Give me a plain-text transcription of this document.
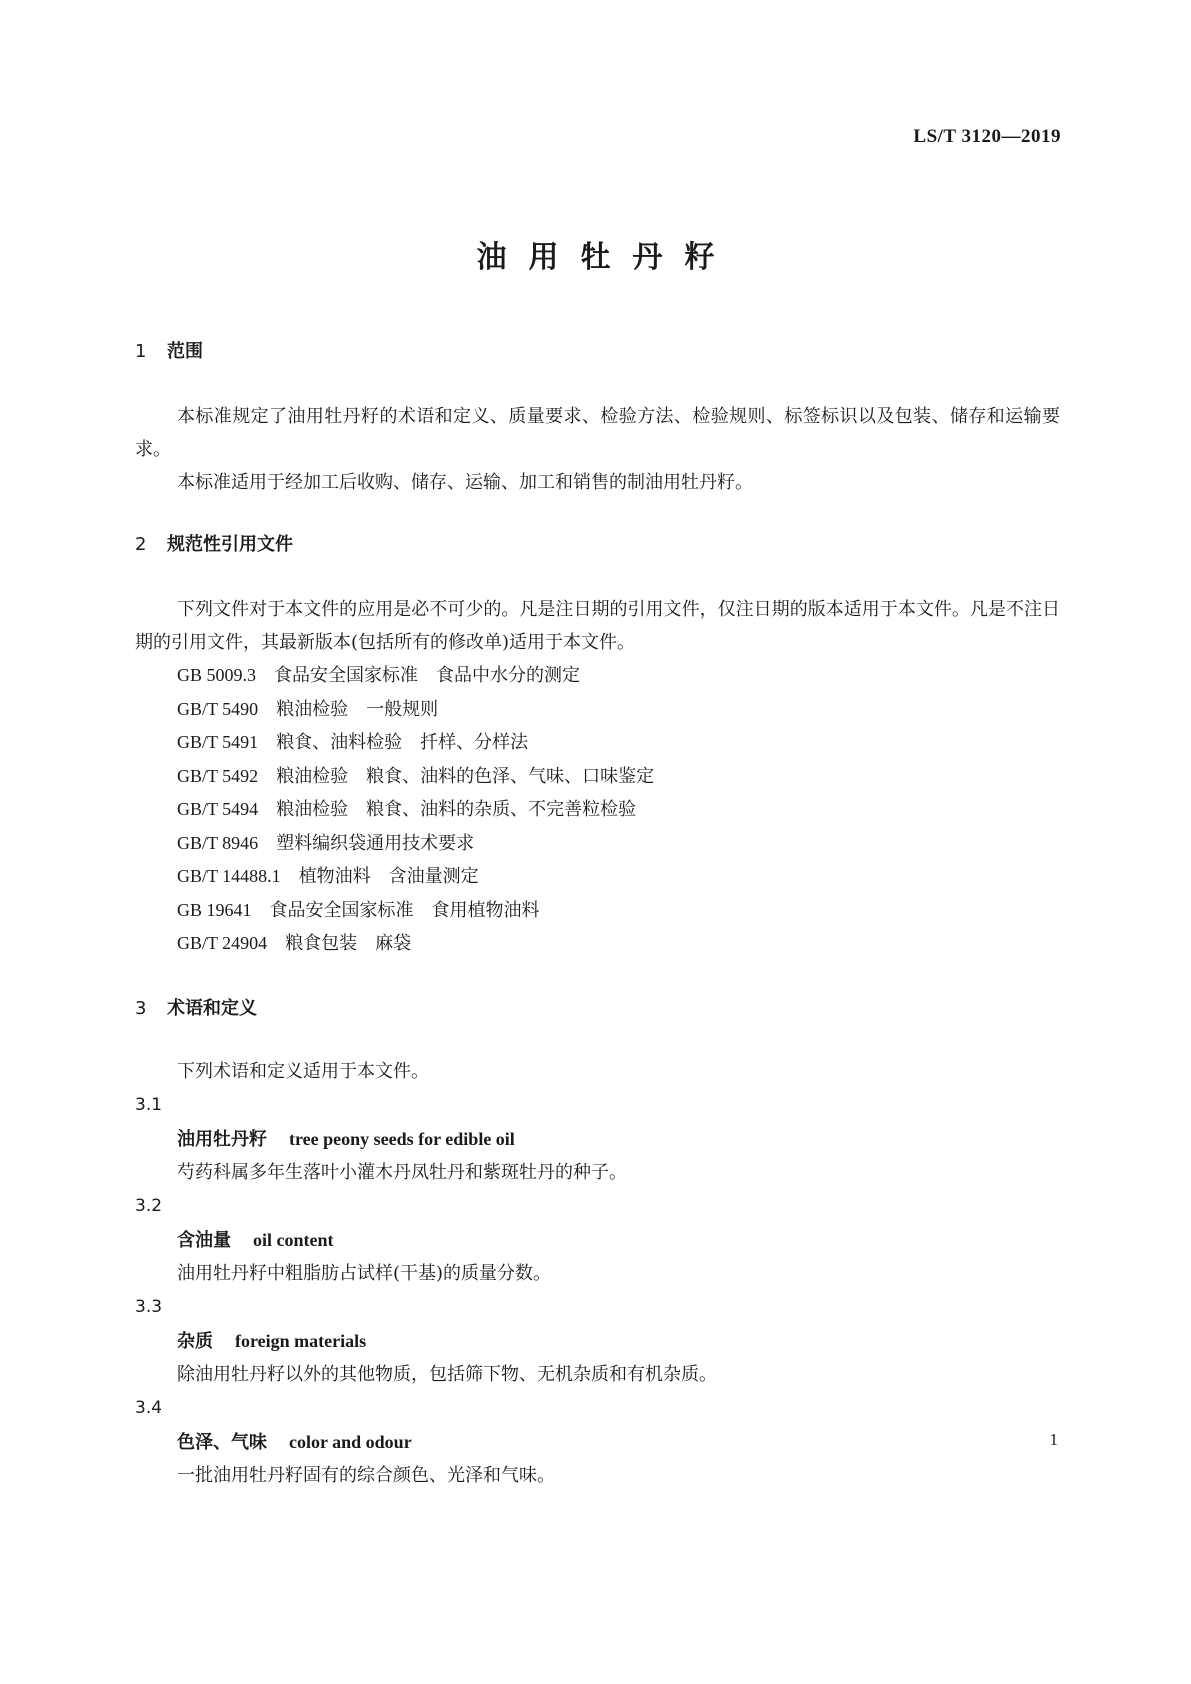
LS/T 3120—2019
油用牡丹籽

1 范围

本标准规定了油用牡丹籽的术语和定义、质量要求、检验方法、检验规则、标签标识以及包装、储存和运输要求。

本标准适用于经加工后收购、储存、运输、加工和销售的制油用牡丹籽。

2 规范性引用文件

下列文件对于本文件的应用是必不可少的。凡是注日期的引用文件，仅注日期的版本适用于本文件。凡是不注日期的引用文件，其最新版本(包括所有的修改单)适用于本文件。

GB 5009.3 食品安全国家标准　食品中水分的测定
GB/T 5490 粮油检验　一般规则
GB/T 5491 粮食、油料检验　扦样、分样法
GB/T 5492 粮油检验　粮食、油料的色泽、气味、口味鉴定
GB/T 5494 粮油检验　粮食、油料的杂质、不完善粒检验
GB/T 8946 塑料编织袋通用技术要求
GB/T 14488.1 植物油料　含油量测定
GB 19641 食品安全国家标准　食用植物油料
GB/T 24904 粮食包装　麻袋

3 术语和定义

下列术语和定义适用于本文件。

3.1

油用牡丹籽 tree peony seeds for edible oil

芍药科属多年生落叶小灌木丹凤牡丹和紫斑牡丹的种子。

3.2

含油量 oil content

油用牡丹籽中粗脂肪占试样(干基)的质量分数。

3.3

杂质 foreign materials

除油用牡丹籽以外的其他物质，包括筛下物、无机杂质和有机杂质。

3.4

色泽、气味 color and odour

一批油用牡丹籽固有的综合颜色、光泽和气味。

1
